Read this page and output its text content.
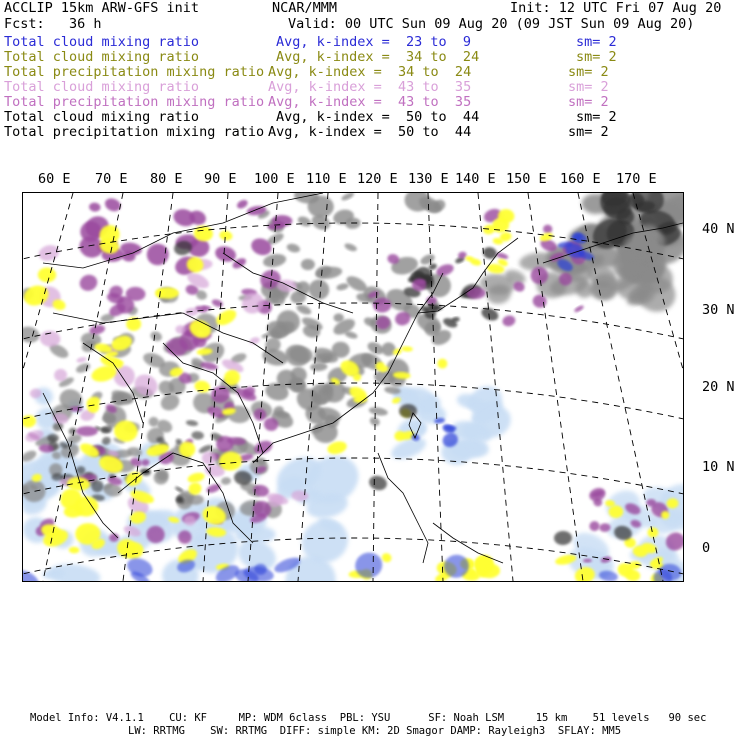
ACCLIP 15km ARW-GFS init	NCAR/MMM	Init: 12 UTC Fri 07 Aug 20
Fcst:   36 h	Valid: 00 UTC Sun 09 Aug 20 (09 JST Sun 09 Aug 20)
Total cloud mixing ratio	Avg, k-index =  23 to  9	sm= 2
Total cloud mixing ratio	Avg, k-index =  34 to  24	sm= 2
Total precipitation mixing ratio Avg, k-index =  34 to  24	sm= 2
Total cloud mixing ratio	Avg, k-index =  43 to  35	sm= 2
Total precipitation mixing ratio Avg, k-index =  43 to  35	sm= 2
Total cloud mixing ratio	Avg, k-index =  50 to  44	sm= 2
Total precipitation mixing ratio Avg, k-index =  50 to  44	sm= 2
60 E 70 E 80 E 90 E 100 E 110 E 120 E 130 E 140 E 150 E 160 E 170 E
40 N
30 N
20 N
10 N
0
Model Info: V4.1.1    CU: KF     MP: WDM 6class  PBL: YSU      SF: Noah LSM     15 km    51 levels   90 sec
LW: RRTMG    SW: RRTMG  DIFF: simple KM: 2D Smagor DAMP: Rayleigh3  SFLAY: MM5
